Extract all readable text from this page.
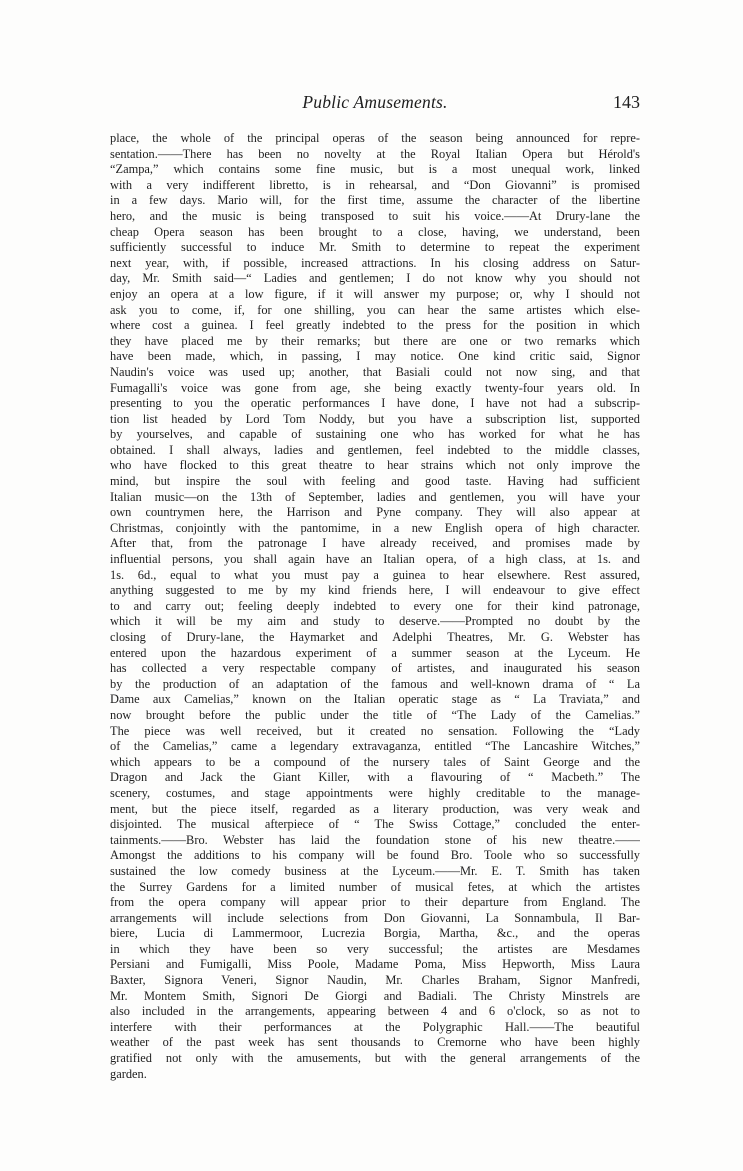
Public Amusements.	143
place, the whole of the principal operas of the season being announced for repre-
sentation.——There has been no novelty at the Royal Italian Opera but Hérold's
“Zampa,” which contains some fine music, but is a most unequal work, linked
with a very indifferent libretto, is in rehearsal, and “Don Giovanni” is promised
in a few days. Mario will, for the first time, assume the character of the libertine
hero, and the music is being transposed to suit his voice.——At Drury-lane the
cheap Opera season has been brought to a close, having, we understand, been
sufficiently successful to induce Mr. Smith to determine to repeat the experiment
next year, with, if possible, increased attractions. In his closing address on Satur-
day, Mr. Smith said—“ Ladies and gentlemen; I do not know why you should not
enjoy an opera at a low figure, if it will answer my purpose; or, why I should not
ask you to come, if, for one shilling, you can hear the same artistes which else-
where cost a guinea. I feel greatly indebted to the press for the position in which
they have placed me by their remarks; but there are one or two remarks which
have been made, which, in passing, I may notice. One kind critic said, Signor
Naudin's voice was used up; another, that Basiali could not now sing, and that
Fumagalli's voice was gone from age, she being exactly twenty-four years old. In
presenting to you the operatic performances I have done, I have not had a subscrip-
tion list headed by Lord Tom Noddy, but you have a subscription list, supported
by yourselves, and capable of sustaining one who has worked for what he has
obtained. I shall always, ladies and gentlemen, feel indebted to the middle classes,
who have flocked to this great theatre to hear strains which not only improve the
mind, but inspire the soul with feeling and good taste. Having had sufficient
Italian music—on the 13th of September, ladies and gentlemen, you will have your
own countrymen here, the Harrison and Pyne company. They will also appear at
Christmas, conjointly with the pantomime, in a new English opera of high character.
After that, from the patronage I have already received, and promises made by
influential persons, you shall again have an Italian opera, of a high class, at 1s. and
1s. 6d., equal to what you must pay a guinea to hear elsewhere. Rest assured,
anything suggested to me by my kind friends here, I will endeavour to give effect
to and carry out; feeling deeply indebted to every one for their kind patronage,
which it will be my aim and study to deserve.——Prompted no doubt by the
closing of Drury-lane, the Haymarket and Adelphi Theatres, Mr. G. Webster has
entered upon the hazardous experiment of a summer season at the Lyceum. He
has collected a very respectable company of artistes, and inaugurated his season
by the production of an adaptation of the famous and well-known drama of “ La
Dame aux Camelias,” known on the Italian operatic stage as “ La Traviata,” and
now brought before the public under the title of “The Lady of the Camelias.”
The piece was well received, but it created no sensation. Following the “Lady
of the Camelias,” came a legendary extravaganza, entitled “The Lancashire Witches,”
which appears to be a compound of the nursery tales of Saint George and the
Dragon and Jack the Giant Killer, with a flavouring of “ Macbeth.” The
scenery, costumes, and stage appointments were highly creditable to the manage-
ment, but the piece itself, regarded as a literary production, was very weak and
disjointed. The musical afterpiece of “ The Swiss Cottage,” concluded the enter-
tainments.——Bro. Webster has laid the foundation stone of his new theatre.——
Amongst the additions to his company will be found Bro. Toole who so successfully
sustained the low comedy business at the Lyceum.——Mr. E. T. Smith has taken
the Surrey Gardens for a limited number of musical fetes, at which the artistes
from the opera company will appear prior to their departure from England. The
arrangements will include selections from Don Giovanni, La Sonnambula, Il Bar-
biere, Lucia di Lammermoor, Lucrezia Borgia, Martha, &c., and the operas
in which they have been so very successful; the artistes are Mesdames
Persiani and Fumigalli, Miss Poole, Madame Poma, Miss Hepworth, Miss Laura
Baxter, Signora Veneri, Signor Naudin, Mr. Charles Braham, Signor Manfredi,
Mr. Montem Smith, Signori De Giorgi and Badiali. The Christy Minstrels are
also included in the arrangements, appearing between 4 and 6 o'clock, so as not to
interfere with their performances at the Polygraphic Hall.——The beautiful
weather of the past week has sent thousands to Cremorne who have been highly
gratified not only with the amusements, but with the general arrangements of the
garden.
